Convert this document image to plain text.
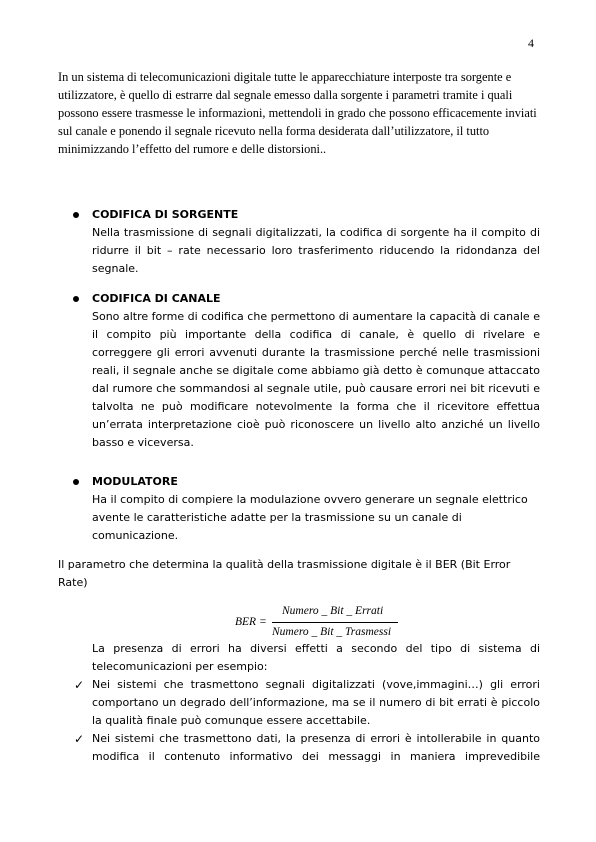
4
In un sistema di telecomunicazioni digitale tutte le apparecchiature interposte tra sorgente e utilizzatore, è quello di estrarre dal segnale emesso dalla sorgente i parametri tramite i quali possono essere trasmesse le informazioni, mettendoli in grado che possono efficacemente inviati sul canale e ponendo il segnale ricevuto nella forma desiderata dall’utilizzatore, il tutto minimizzando l’effetto del rumore e delle distorsioni..
CODIFICA DI SORGENTE
Nella trasmissione di segnali digitalizzati, la codifica di sorgente ha il compito di ridurre il bit – rate necessario loro trasferimento riducendo la ridondanza del segnale.
CODIFICA DI CANALE
Sono altre forme di codifica che permettono di aumentare la capacità di canale e il compito più importante della codifica di canale, è quello di rivelare e correggere gli errori avvenuti durante la trasmissione perché nelle trasmissioni reali, il segnale anche se digitale come abbiamo già detto è comunque attaccato dal rumore che sommandosi al segnale utile, può causare errori nei bit ricevuti e talvolta ne può modificare notevolmente la forma che il ricevitore effettua un’errata interpretazione cioè può riconoscere un livello alto anziché un livello basso e viceversa.
MODULATORE
Ha il compito di compiere la modulazione ovvero generare un segnale elettrico avente le caratteristiche adatte per la trasmissione su un canale di comunicazione.
Il parametro che determina la qualità della trasmissione digitale è il BER (Bit Error Rate)
BER =
Numero _ Bit _ Errati
Numero _ Bit _ Trasmessi
La presenza di errori ha diversi effetti a secondo del tipo di sistema di telecomunicazioni per esempio:
✓ Nei sistemi che trasmettono segnali digitalizzati (vove,immagini…) gli errori comportano un degrado dell’informazione, ma se il numero di bit errati è piccolo la qualità finale può comunque essere accettabile.
✓ Nei sistemi che trasmettono dati, la presenza di errori è intollerabile in quanto modifica il contenuto informativo dei messaggi in maniera imprevedibile
